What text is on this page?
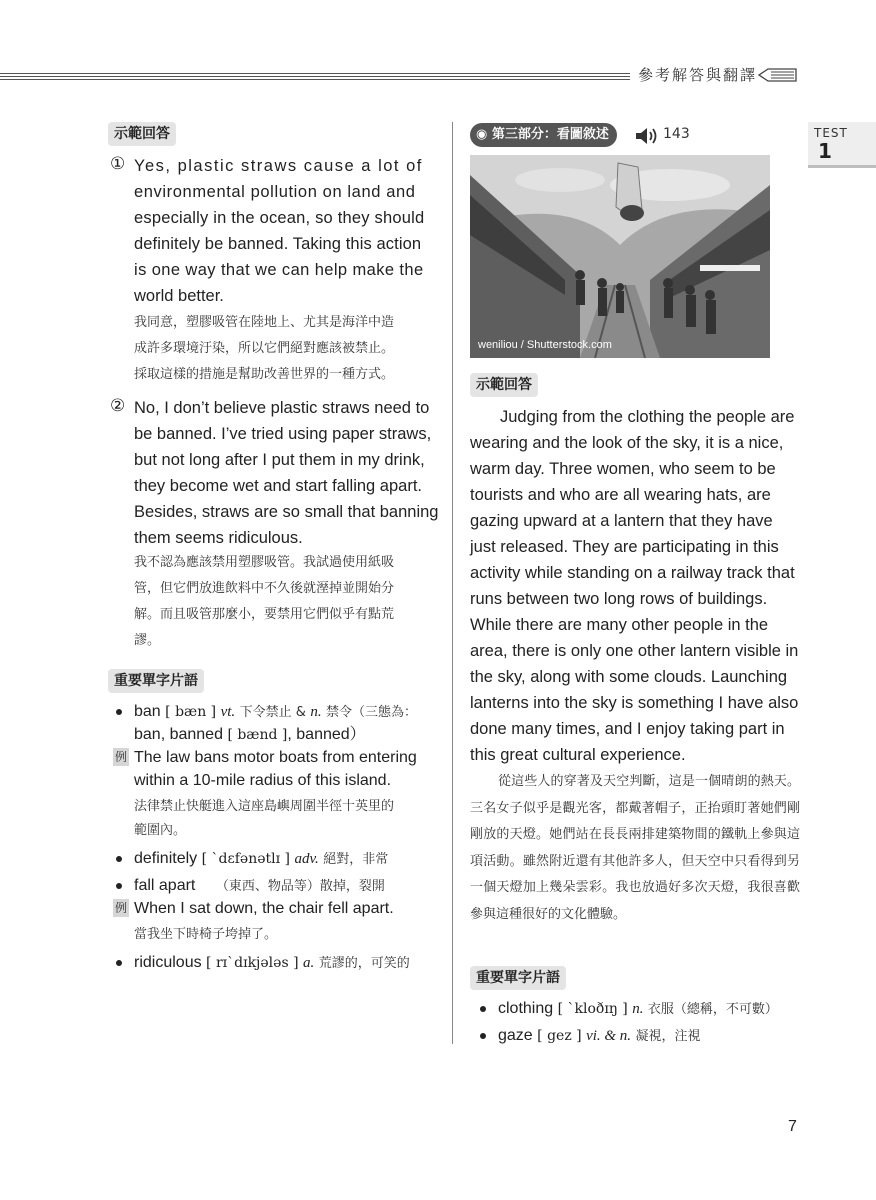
參考解答與翻譯
TEST
1
示範回答
① Yes, plastic straws cause a lot of
environmental pollution on land and
especially in the ocean, so they should
definitely be banned. Taking this action
is one way that we can help make the
world better.
我同意，塑膠吸管在陸地上、尤其是海洋中造
成許多環境汙染，所以它們絕對應該被禁止。
採取這樣的措施是幫助改善世界的一種方式。
② No, I don’t believe plastic straws need to
be banned. I’ve tried using paper straws,
but not long after I put them in my drink,
they become wet and start falling apart.
Besides, straws are so small that banning
them seems ridiculous.
我不認為應該禁用塑膠吸管。我試過使用紙吸
管，但它們放進飲料中不久後就溼掉並開始分
解。而且吸管那麼小，要禁用它們似乎有點荒
謬。
重要單字片語
ban [ bæn ] vt. 下令禁止 & n. 禁令（三態為：
ban, banned [ bænd ], banned）
例 The law bans motor boats from entering
within a 10-mile radius of this island.
法律禁止快艇進入這座島嶼周圍半徑十英里的
範圍內。
definitely [ ˋdɛfənətlɪ ] adv. 絕對，非常
fall apart （東西、物品等）散掉，裂開
例 When I sat down, the chair fell apart.
當我坐下時椅子垮掉了。
ridiculous [ rɪˋdɪkjələs ] a. 荒謬的，可笑的
◉ 第三部分：看圖敘述	143
weniliou / Shutterstock.com
示範回答
Judging from the clothing the people are wearing and the look of the sky, it is a nice, warm day. Three women, who seem to be tourists and who are all wearing hats, are gazing upward at a lantern that they have just released. They are participating in this activity while standing on a railway track that runs between two long rows of buildings. While there are many other people in the area, there is only one other lantern visible in the sky, along with some clouds. Launching lanterns into the sky is something I have also done many times, and I enjoy taking part in this great cultural experience.
從這些人的穿著及天空判斷，這是一個晴朗的熱天。三名女子似乎是觀光客，都戴著帽子，正抬頭盯著她們剛剛放的天燈。她們站在長長兩排建築物間的鐵軌上參與這項活動。雖然附近還有其他許多人，但天空中只看得到另一個天燈加上幾朵雲彩。我也放過好多次天燈，我很喜歡參與這種很好的文化體驗。
重要單字片語
clothing [ ˋkloðɪŋ ] n. 衣服（總稱，不可數）
gaze [ gez ] vi. & n. 凝視，注視
7
